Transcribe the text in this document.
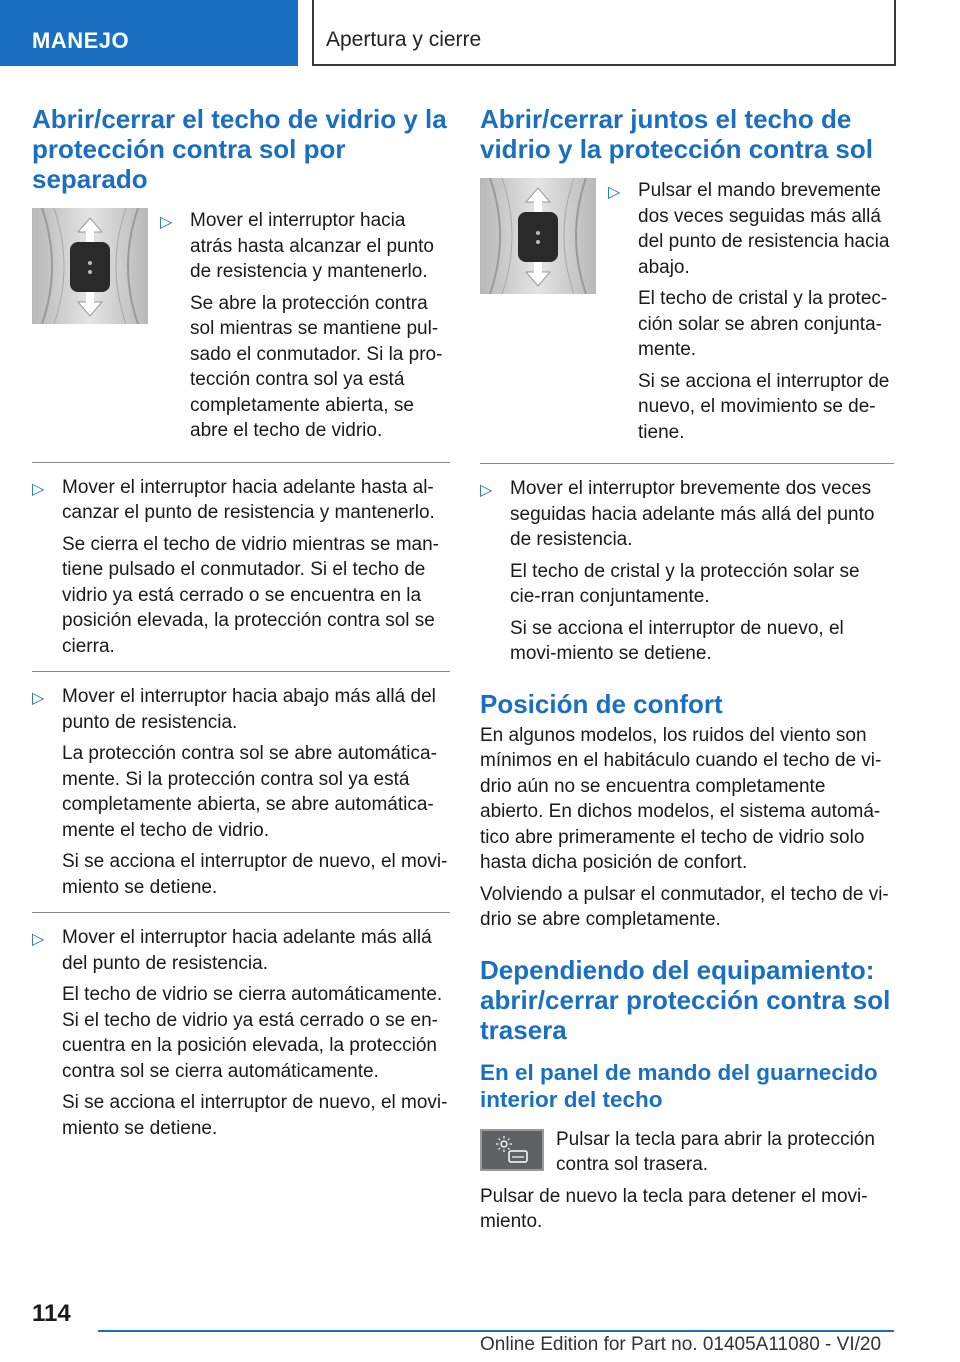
MANEJO	Apertura y cierre
Abrir/cerrar el techo de vidrio y la protección contra sol por separado
▷ Mover el interruptor hacia atrás hasta alcanzar el punto de resistencia y mantenerlo.

Se abre la protección contra sol mientras se mantiene pul-sado el conmutador. Si la pro-tección contra sol ya está completamente abierta, se abre el techo de vidrio.

▷ Mover el interruptor hacia adelante hasta al-canzar el punto de resistencia y mantenerlo.

Se cierra el techo de vidrio mientras se man-tiene pulsado el conmutador. Si el techo de vidrio ya está cerrado o se encuentra en la posición elevada, la protección contra sol se cierra.

▷ Mover el interruptor hacia abajo más allá del punto de resistencia.

La protección contra sol se abre automática-mente. Si la protección contra sol ya está completamente abierta, se abre automática-mente el techo de vidrio.

Si se acciona el interruptor de nuevo, el movi-miento se detiene.

▷ Mover el interruptor hacia adelante más allá del punto de resistencia.

El techo de vidrio se cierra automáticamente. Si el techo de vidrio ya está cerrado o se en-cuentra en la posición elevada, la protección contra sol se cierra automáticamente.

Si se acciona el interruptor de nuevo, el movi-miento se detiene.

Abrir/cerrar juntos el techo de vidrio y la protección contra sol
▷ Pulsar el mando brevemente dos veces seguidas más allá del punto de resistencia hacia abajo.

El techo de cristal y la protec-ción solar se abren conjunta-mente.

Si se acciona el interruptor de nuevo, el movimiento se de-tiene.

▷ Mover el interruptor brevemente dos veces seguidas hacia adelante más allá del punto de resistencia.

El techo de cristal y la protección solar se cie-rran conjuntamente.

Si se acciona el interruptor de nuevo, el movi-miento se detiene.

Posición de confort

En algunos modelos, los ruidos del viento son mínimos en el habitáculo cuando el techo de vi-drio aún no se encuentra completamente abierto. En dichos modelos, el sistema automá-tico abre primeramente el techo de vidrio solo hasta dicha posición de confort.

Volviendo a pulsar el conmutador, el techo de vi-drio se abre completamente.

Dependiendo del equipamiento: abrir/cerrar protección contra sol trasera
En el panel de mando del guarnecido interior del techo

Pulsar la tecla para abrir la protección contra sol trasera.

Pulsar de nuevo la tecla para detener el movi-miento.

114
Online Edition for Part no. 01405A11080 - VI/20
